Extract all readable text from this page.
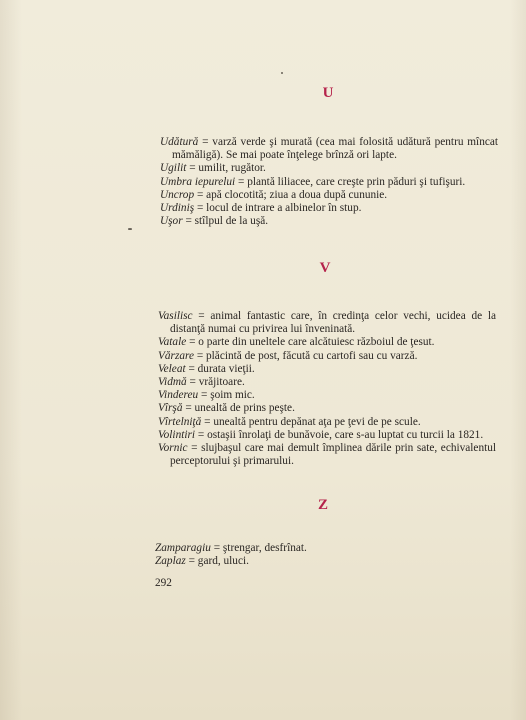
U

Udătură = varză verde şi murată (cea mai folosită udătură pentru mîncat mămăligă). Se mai poate înţelege brînză ori lapte.

Ugilit = umilit, rugător.

Umbra iepurelui = plantă liliacee, care creşte prin păduri şi tufişuri.

Uncrop = apă clocotită; ziua a doua după cununie.

Urdiniş = locul de intrare a albinelor în stup.

Uşor = stîlpul de la uşă.

V

Vasilisc = animal fantastic care, în credinţa celor vechi, ucidea de la distanţă numai cu privirea lui înveninată.

Vatale = o parte din uneltele care alcătuiesc războiul de ţesut.

Vărzare = plăcintă de post, făcută cu cartofi sau cu varză.

Veleat = durata vieţii.

Vidmă = vrăjitoare.

Vindereu = şoim mic.

Vîrşă = unealtă de prins peşte.

Vîrtelniţă = unealtă pentru depănat aţa pe ţevi de pe scule.

Volintiri = ostaşii înrolaţi de bunăvoie, care s-au luptat cu turcii la 1821.

Vornic = slujbaşul care mai demult împlinea dările prin sate, echivalentul perceptorului şi primarului.

Z

Zamparagiu = ştrengar, desfrînat.

Zaplaz = gard, uluci.

292
